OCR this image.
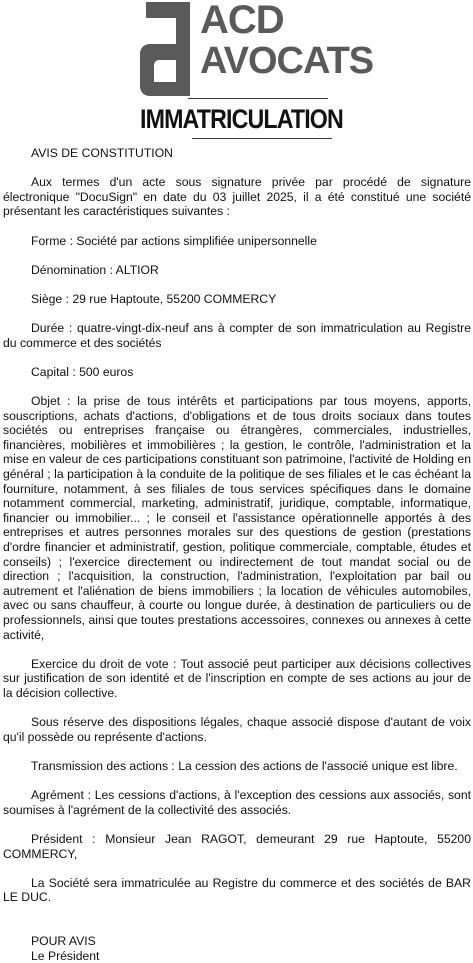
ACD
AVOCATS
IMMATRICULATION
AVIS DE CONSTITUTION

Aux termes d'un acte sous signature privée par procédé de signature électronique "DocuSign" en date du 03 juillet 2025, il a été constitué une société présentant les caractéristiques suivantes :

Forme : Société par actions simplifiée unipersonnelle

Dénomination : ALTIOR

Siège : 29 rue Haptoute, 55200 COMMERCY

Durée : quatre-vingt-dix-neuf ans à compter de son immatriculation au Registre du commerce et des sociétés

Capital : 500 euros

Objet : la prise de tous intérêts et participations par tous moyens, apports, souscriptions, achats d'actions, d'obligations et de tous droits sociaux dans toutes sociétés ou entreprises française ou étrangères, commerciales, industrielles, financières, mobilières et immobilières ; la gestion, le contrôle, l'administration et la mise en valeur de ces participations constituant son patrimoine, l'activité de Holding en général ; la participation à la conduite de la politique de ses filiales et le cas échéant la fourniture, notamment, à ses filiales de tous services spécifiques dans le domaine notamment commercial, marketing, administratif, juridique, comptable, informatique, financier ou immobilier... ; le conseil et l'assistance opérationnelle apportés à des entreprises et autres personnes morales sur des questions de gestion (prestations d'ordre financier et administratif, gestion, politique commerciale, comptable, études et conseils) ; l'exercice directement ou indirectement de tout mandat social ou de direction ; l'acquisition, la construction, l'administration, l'exploitation par bail ou autrement et l'aliénation de biens immobiliers ; la location de véhicules automobiles, avec ou sans chauffeur, à courte ou longue durée, à destination de particuliers ou de professionnels, ainsi que toutes prestations accessoires, connexes ou annexes à cette activité,

Exercice du droit de vote : Tout associé peut participer aux décisions collectives sur justification de son identité et de l'inscription en compte de ses actions au jour de la décision collective.

Sous réserve des dispositions légales, chaque associé dispose d'autant de voix qu'il possède ou représente d'actions.

Transmission des actions : La cession des actions de l'associé unique est libre.

Agrément : Les cessions d'actions, à l'exception des cessions aux associés, sont soumises à l'agrément de la collectivité des associés.

Président : Monsieur Jean RAGOT, demeurant 29 rue Haptoute, 55200 COMMERCY,

La Société sera immatriculée au Registre du commerce et des sociétés de BAR LE DUC.

POUR AVIS
Le Président
